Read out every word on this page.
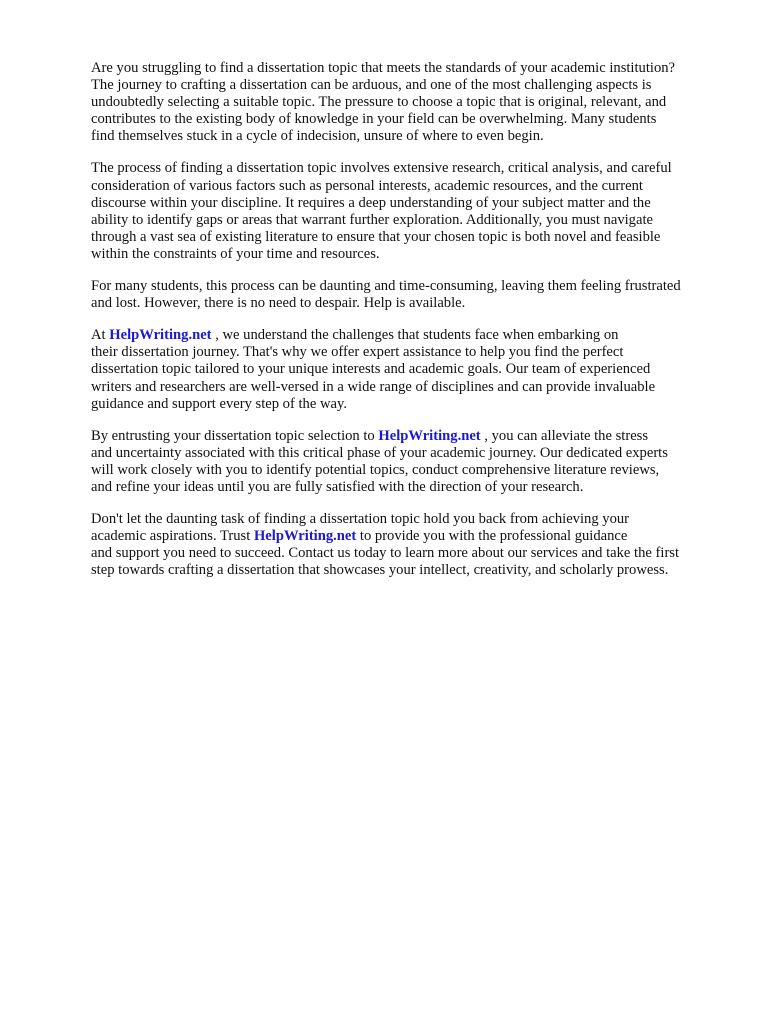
Are you struggling to find a dissertation topic that meets the standards of your academic institution?
The journey to crafting a dissertation can be arduous, and one of the most challenging aspects is
undoubtedly selecting a suitable topic. The pressure to choose a topic that is original, relevant, and
contributes to the existing body of knowledge in your field can be overwhelming. Many students
find themselves stuck in a cycle of indecision, unsure of where to even begin.

The process of finding a dissertation topic involves extensive research, critical analysis, and careful
consideration of various factors such as personal interests, academic resources, and the current
discourse within your discipline. It requires a deep understanding of your subject matter and the
ability to identify gaps or areas that warrant further exploration. Additionally, you must navigate
through a vast sea of existing literature to ensure that your chosen topic is both novel and feasible
within the constraints of your time and resources.

For many students, this process can be daunting and time-consuming, leaving them feeling frustrated
and lost. However, there is no need to despair. Help is available.

At HelpWriting.net , we understand the challenges that students face when embarking on
their dissertation journey. That's why we offer expert assistance to help you find the perfect
dissertation topic tailored to your unique interests and academic goals. Our team of experienced
writers and researchers are well-versed in a wide range of disciplines and can provide invaluable
guidance and support every step of the way.

By entrusting your dissertation topic selection to HelpWriting.net , you can alleviate the stress
and uncertainty associated with this critical phase of your academic journey. Our dedicated experts
will work closely with you to identify potential topics, conduct comprehensive literature reviews,
and refine your ideas until you are fully satisfied with the direction of your research.

Don't let the daunting task of finding a dissertation topic hold you back from achieving your
academic aspirations. Trust HelpWriting.net to provide you with the professional guidance
and support you need to succeed. Contact us today to learn more about our services and take the first
step towards crafting a dissertation that showcases your intellect, creativity, and scholarly prowess.
